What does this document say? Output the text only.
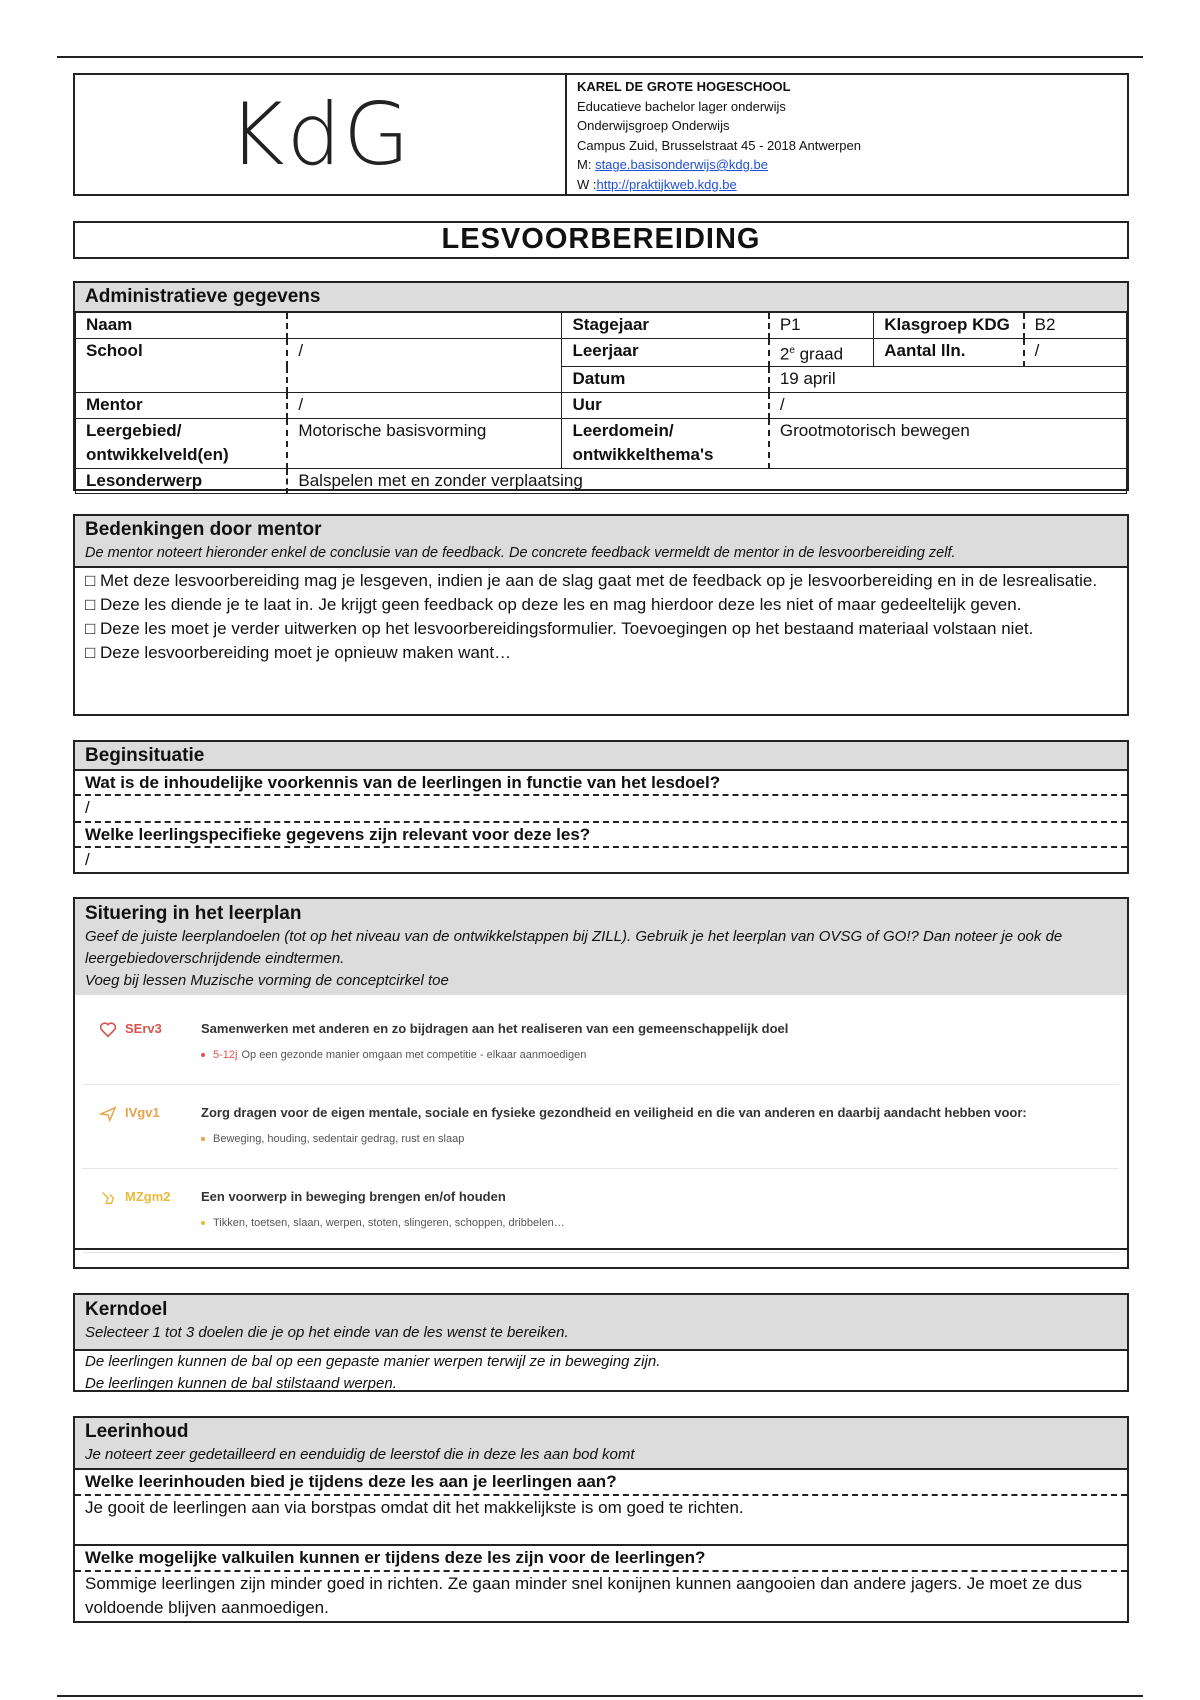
KdG	KAREL DE GROTE HOGESCHOOL
Educatieve bachelor lager onderwijs
Onderwijsgroep Onderwijs
Campus Zuid, Brusselstraat 45 - 2018 Antwerpen
M: stage.basisonderwijs@kdg.be
W :http://praktijkweb.kdg.be
LESVOORBEREIDING
Administratieve gegevens
Naam		Stagejaar	P1	Klasgroep KDG	B2
School	/	Leerjaar	2e graad	Aantal lln.	/
		Datum	19 april		
Mentor	/	Uur	/		
Leergebied/ ontwikkelveld(en)	Motorische basisvorming	Leerdomein/ ontwikkelthema's	Grootmotorisch bewegen		
Lesonderwerp	Balspelen met en zonder verplaatsing				
Bedenkingen door mentor
De mentor noteert hieronder enkel de conclusie van de feedback. De concrete feedback vermeldt de mentor in de lesvoorbereiding zelf.
□ Met deze lesvoorbereiding mag je lesgeven, indien je aan de slag gaat met de feedback op je lesvoorbereiding en in de lesrealisatie.
□ Deze les diende je te laat in. Je krijgt geen feedback op deze les en mag hierdoor deze les niet of maar gedeeltelijk geven.
□ Deze les moet je verder uitwerken op het lesvoorbereidingsformulier. Toevoegingen op het bestaand materiaal volstaan niet.
□ Deze lesvoorbereiding moet je opnieuw maken want…
Beginsituatie
Wat is de inhoudelijke voorkennis van de leerlingen in functie van het lesdoel?
/
Welke leerlingspecifieke gegevens zijn relevant voor deze les?
/
Situering in het leerplan
Geef de juiste leerplandoelen (tot op het niveau van de ontwikkelstappen bij ZILL). Gebruik je het leerplan van OVSG of GO!? Dan noteer je ook de leergebiedoverschrijdende eindtermen.
Voeg bij lessen Muzische vorming de conceptcirkel toe
SErv3	Samenwerken met anderen en zo bijdragen aan het realiseren van een gemeenschappelijk doel
5-12j Op een gezonde manier omgaan met competitie - elkaar aanmoedigen
IVgv1	Zorg dragen voor de eigen mentale, sociale en fysieke gezondheid en veiligheid en die van anderen en daarbij aandacht hebben voor:
Beweging, houding, sedentair gedrag, rust en slaap
MZgm2 Een voorwerp in beweging brengen en/of houden
Tikken, toetsen, slaan, werpen, stoten, slingeren, schoppen, dribbelen…
Kerndoel
Selecteer 1 tot 3 doelen die je op het einde van de les wenst te bereiken.
De leerlingen kunnen de bal op een gepaste manier werpen terwijl ze in beweging zijn.
De leerlingen kunnen de bal stilstaand werpen.
Leerinhoud
Je noteert zeer gedetailleerd en eenduidig de leerstof die in deze les aan bod komt
Welke leerinhouden bied je tijdens deze les aan je leerlingen aan?
Je gooit de leerlingen aan via borstpas omdat dit het makkelijkste is om goed te richten.
Welke mogelijke valkuilen kunnen er tijdens deze les zijn voor de leerlingen?
Sommige leerlingen zijn minder goed in richten. Ze gaan minder snel konijnen kunnen aangooien dan andere jagers. Je moet ze dus voldoende blijven aanmoedigen.
